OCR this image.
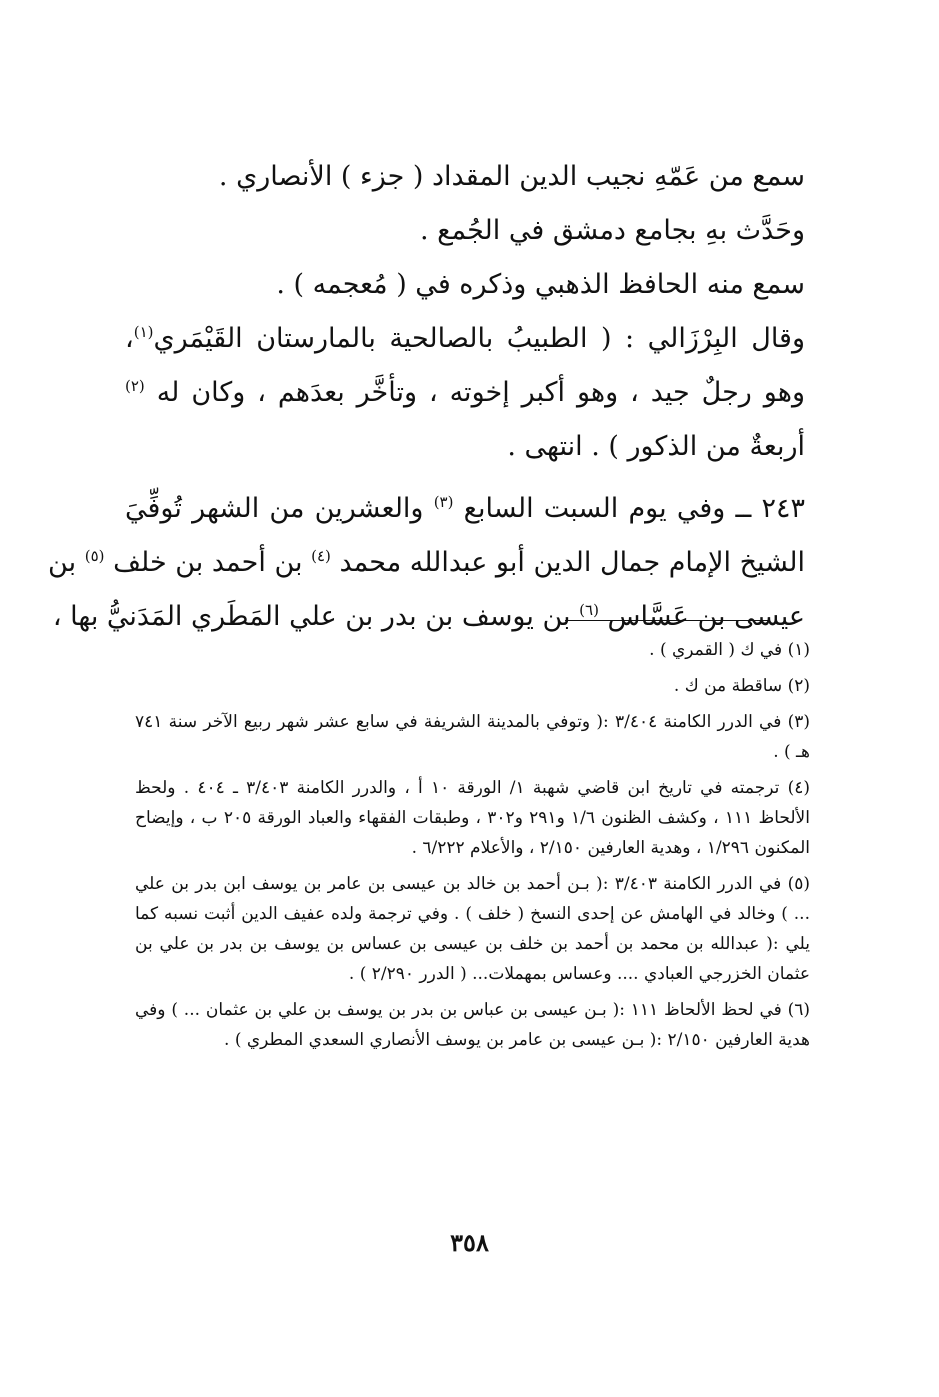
سمع من عَمّهِ نجيب الدين المقداد ( جزء ) الأنصاري .
وحَدَّث بهِ بجامع دمشق في الجُمع .
سمع منه الحافظ الذهبي وذكره في ( مُعجمه ) .
وقال البِرْزَالي : ( الطبيبُ بالصالحية بالمارستان القَيْمَري$^{(١)}$،
وهو رجلٌ جيد ، وهو أكبر إخوته ، وتأخَّر بعدَهم ، وكان له $^{(٢)}$
أربعةٌ من الذكور ) . انتهى .
٢٤٣ ــ وفي يوم السبت السابع $^{(٣)}$ والعشرين من الشهر تُوفِّيَ
الشيخ الإمام جمال الدين أبو عبدالله محمد $^{(٤)}$ بن أحمد بن خلف $^{(٥)}$ بن
عيسى بن عَسَّاس $^{(٦)}$ بن يوسف بن بدر بن علي المَطَري المَدَنيُّ بها ،
(١) في ك ( القمري ) .
(٢) ساقطة من ك .
(٣) في الدرر الكامنة ٣/٤٠٤ :( وتوفي بالمدينة الشريفة في سابع عشر شهر ربيع الآخر سنة ٧٤١ هـ ) .
(٤) ترجمته في تاريخ ابن قاضي شهبة ١/ الورقة ١٠ أ ، والدرر الكامنة ٣/٤٠٣ ـ ٤٠٤ . ولحظ الألحاظ ١١١ ، وكشف الظنون ١/٦ و٢٩١ و٣٠٢ ، وطبقات الفقهاء والعباد الورقة ٢٠٥ ب ، وإيضاح المكنون ١/٢٩٦ ، وهدية العارفين ٢/١٥٠ ، والأعلام ٦/٢٢٢ .
(٥) في الدرر الكامنة ٣/٤٠٣ :( بـن أحمد بن خالد بن عيسى بن عامر بن يوسف ابن بدر بن علي ... ) وخالد في الهامش عن إحدى النسخ ( خلف ) . وفي ترجمة ولده عفيف الدين أثبت نسبه كما يلي :( عبدالله بن محمد بن أحمد بن خلف بن عيسى بن عساس بن يوسف بن بدر بن علي بن عثمان الخزرجي العبادي .... وعساس بمهملات... ( الدرر ٢/٢٩٠ ) .
(٦) في لحظ الألحاظ ١١١ :( بـن عيسى بن عباس بن بدر بن يوسف بن علي بن عثمان ... ) وفي هدية العارفين ٢/١٥٠ :( بـن عيسى بن عامر بن يوسف الأنصاري السعدي المطري ) .
٣٥٨
